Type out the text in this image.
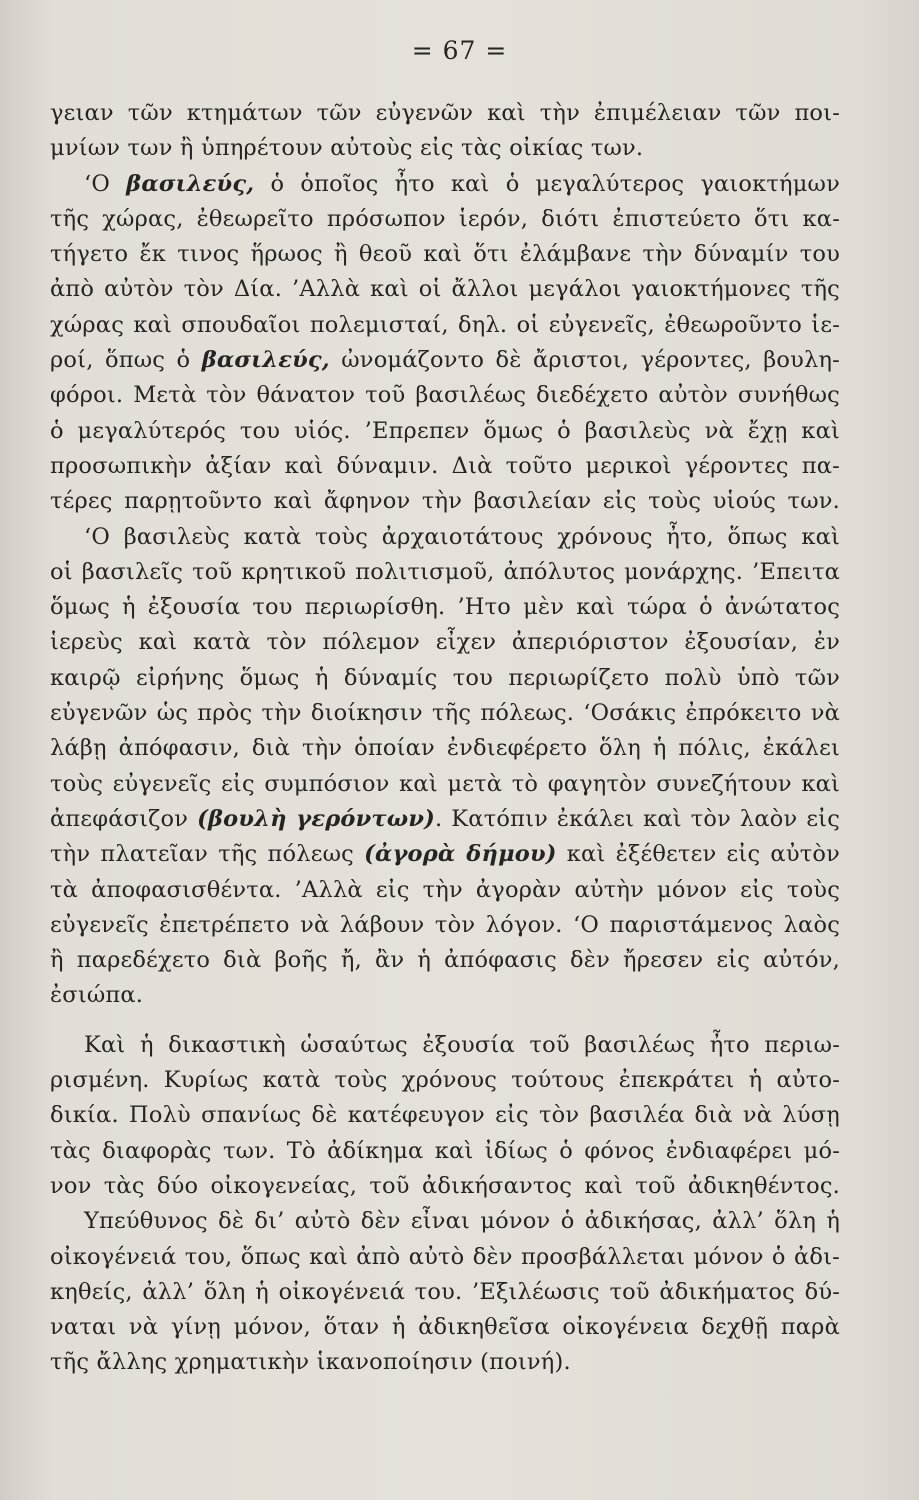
= 67 =
γειαν τῶν κτημάτων τῶν εὐγενῶν καὶ τὴν ἐπιμέλειαν τῶν ποι-
μνίων των ἢ ὑπηρέτουν αὐτοὺς εἰς τὰς οἰκίας των.
‘Ο βασιλεύς, ὁ ὁποῖος ἦτο καὶ ὁ μεγαλύτερος γαιοκτήμων
τῆς χώρας, ἐθεωρεῖτο πρόσωπον ἱερόν, διότι ἐπιστεύετο ὅτι κα-
τήγετο ἔκ τινος ἥρωος ἢ θεοῦ καὶ ὅτι ἐλάμβανε τὴν δύναμίν του
ἀπὸ αὐτὸν τὸν Δία. ’Αλλὰ καὶ οἱ ἄλλοι μεγάλοι γαιοκτήμονες τῆς
χώρας καὶ σπουδαῖοι πολεμισταί, δηλ. οἱ εὐγενεῖς, ἐθεωροῦντο ἱε-
ροί, ὅπως ὁ βασιλεύς, ὠνομάζοντο δὲ ἄριστοι, γέροντες, βουλη-
φόροι. Μετὰ τὸν θάνατον τοῦ βασιλέως διεδέχετο αὐτὸν συνήθως
ὁ μεγαλύτερός του υἱός. ’Επρεπεν ὅμως ὁ βασιλεὺς νὰ ἔχῃ καὶ
προσωπικὴν ἀξίαν καὶ δύναμιν. Διὰ τοῦτο μερικοὶ γέροντες πα-
τέρες παρῃτοῦντο καὶ ἄφηνον τὴν βασιλείαν εἰς τοὺς υἱούς των.
‘Ο βασιλεὺς κατὰ τοὺς ἀρχαιοτάτους χρόνους ἦτο, ὅπως καὶ
οἱ βασιλεῖς τοῦ κρητικοῦ πολιτισμοῦ, ἀπόλυτος μονάρχης. ’Επειτα
ὅμως ἡ ἐξουσία του περιωρίσθη. ’Ητο μὲν καὶ τώρα ὁ ἀνώτατος
ἱερεὺς καὶ κατὰ τὸν πόλεμον εἶχεν ἀπεριόριστον ἐξουσίαν, ἐν
καιρῷ εἰρήνης ὅμως ἡ δύναμίς του περιωρίζετο πολὺ ὑπὸ τῶν
εὐγενῶν ὡς πρὸς τὴν διοίκησιν τῆς πόλεως. ‘Οσάκις ἐπρόκειτο νὰ
λάβῃ ἀπόφασιν, διὰ τὴν ὁποίαν ἐνδιεφέρετο ὅλη ἡ πόλις, ἐκάλει
τοὺς εὐγενεῖς εἰς συμπόσιον καὶ μετὰ τὸ φαγητὸν συνεζήτουν καὶ
ἀπεφάσιζον (βουλὴ γερόντων). Κατόπιν ἐκάλει καὶ τὸν λαὸν εἰς
τὴν πλατεῖαν τῆς πόλεως (ἀγορὰ δήμου) καὶ ἐξέθετεν εἰς αὐτὸν
τὰ ἀποφασισθέντα. ’Αλλὰ εἰς τὴν ἀγορὰν αὐτὴν μόνον εἰς τοὺς
εὐγενεῖς ἐπετρέπετο νὰ λάβουν τὸν λόγον. ‘Ο παριστάμενος λαὸς
ἢ παρεδέχετο διὰ βοῆς ἤ, ἂν ἡ ἀπόφασις δὲν ἤρεσεν εἰς αὐτόν,
ἐσιώπα.
Καὶ ἡ δικαστικὴ ὡσαύτως ἐξουσία τοῦ βασιλέως ἦτο περιω-
ρισμένη. Κυρίως κατὰ τοὺς χρόνους τούτους ἐπεκράτει ἡ αὐτο-
δικία. Πολὺ σπανίως δὲ κατέφευγον εἰς τὸν βασιλέα διὰ νὰ λύσῃ
τὰς διαφορὰς των. Τὸ ἀδίκημα καὶ ἰδίως ὁ φόνος ἐνδιαφέρει μό-
νον τὰς δύο οἰκογενείας, τοῦ ἀδικήσαντος καὶ τοῦ ἀδικηθέντος.
Υπεύθυνος δὲ δι’ αὐτὸ δὲν εἶναι μόνον ὁ ἀδικήσας, ἀλλ’ ὅλη ἡ
οἰκογένειά του, ὅπως καὶ ἀπὸ αὐτὸ δὲν προσβάλλεται μόνον ὁ ἀδι-
κηθείς, ἀλλ’ ὅλη ἡ οἰκογένειά του. ’Εξιλέωσις τοῦ ἀδικήματος δύ-
ναται νὰ γίνῃ μόνον, ὅταν ἡ ἀδικηθεῖσα οἰκογένεια δεχθῇ παρὰ
τῆς ἄλλης χρηματικὴν ἱκανοποίησιν (ποινή).
